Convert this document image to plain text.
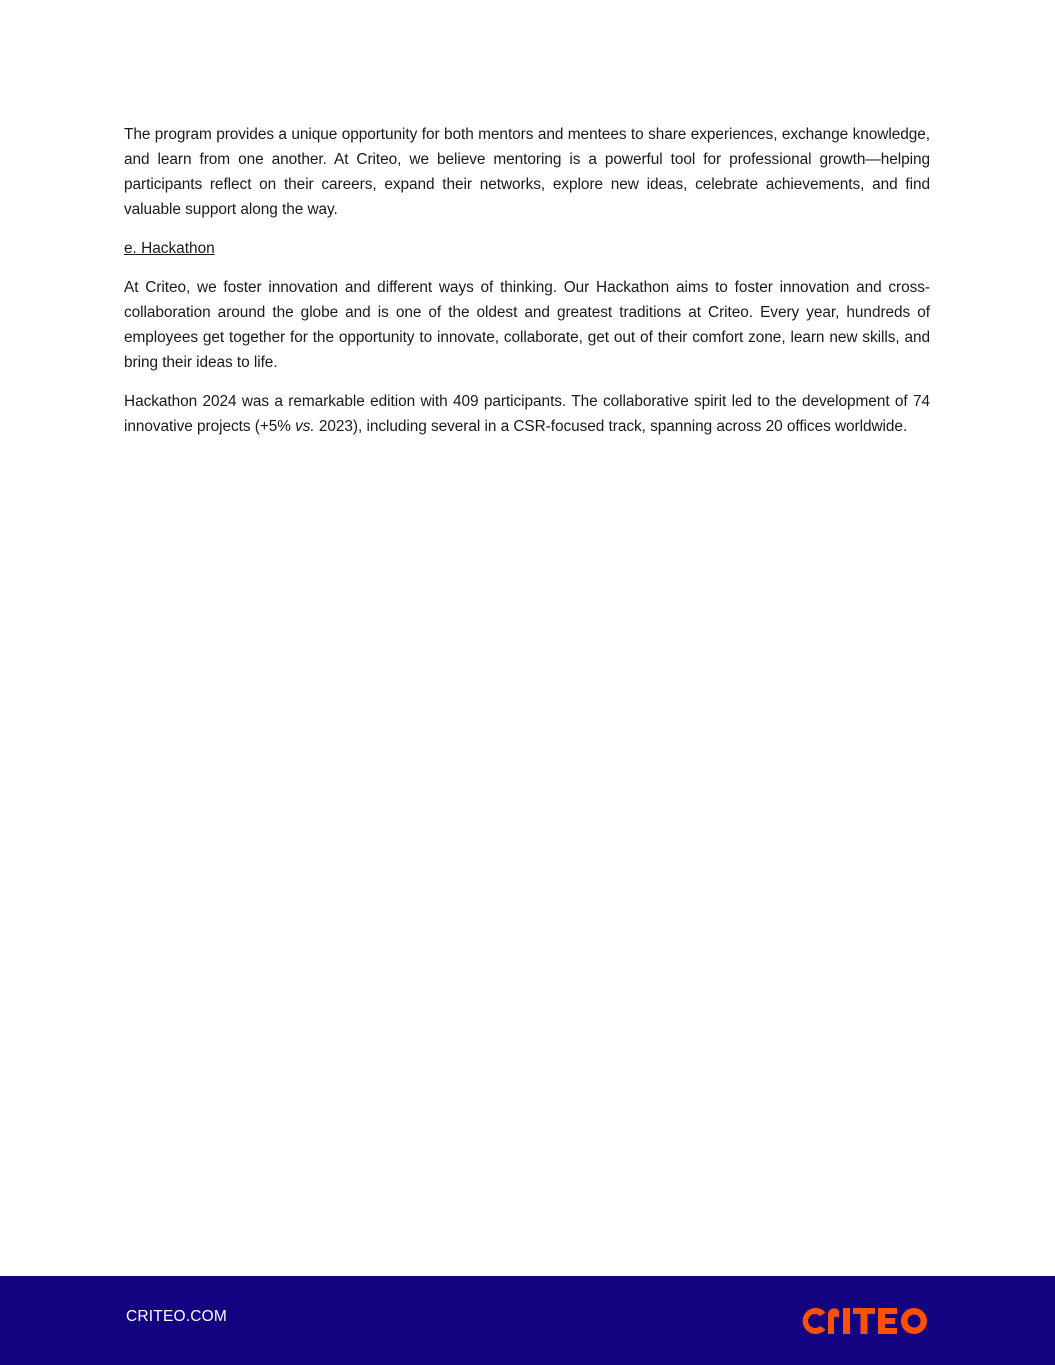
The program provides a unique opportunity for both mentors and mentees to share experiences, exchange knowledge, and learn from one another. At Criteo, we believe mentoring is a powerful tool for professional growth—helping participants reflect on their careers, expand their networks, explore new ideas, celebrate achievements, and find valuable support along the way.

e. Hackathon

At Criteo, we foster innovation and different ways of thinking. Our Hackathon aims to foster innovation and cross-collaboration around the globe and is one of the oldest and greatest traditions at Criteo. Every year, hundreds of employees get together for the opportunity to innovate, collaborate, get out of their comfort zone, learn new skills, and bring their ideas to life.

Hackathon 2024 was a remarkable edition with 409 participants. The collaborative spirit led to the development of 74 innovative projects (+5% vs. 2023), including several in a CSR-focused track, spanning across 20 offices worldwide.

CRITEO.COM
